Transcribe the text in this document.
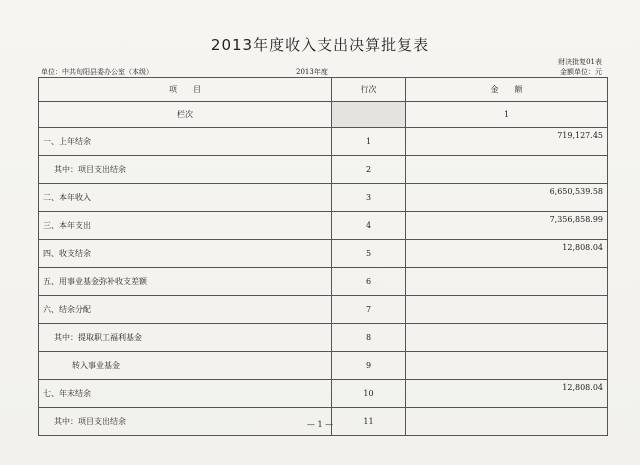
2013年度收入支出决算批复表
财决批复01表
金额单位：元
单位：中共旬阳县委办公室（本级）	2013年度
项　　目	行次	金　　额
栏次		1
一、上年结余	1	719,127.45
其中：项目支出结余	2	
二、本年收入	3	6,650,539.58
三、本年支出	4	7,356,858.99
四、收支结余	5	12,808.04
五、用事业基金弥补收支差额	6	
六、结余分配	7	
其中：提取职工福利基金	8	
转入事业基金	9	
七、年末结余	10	12,808.04
其中：项目支出结余	11	
— 1 —
